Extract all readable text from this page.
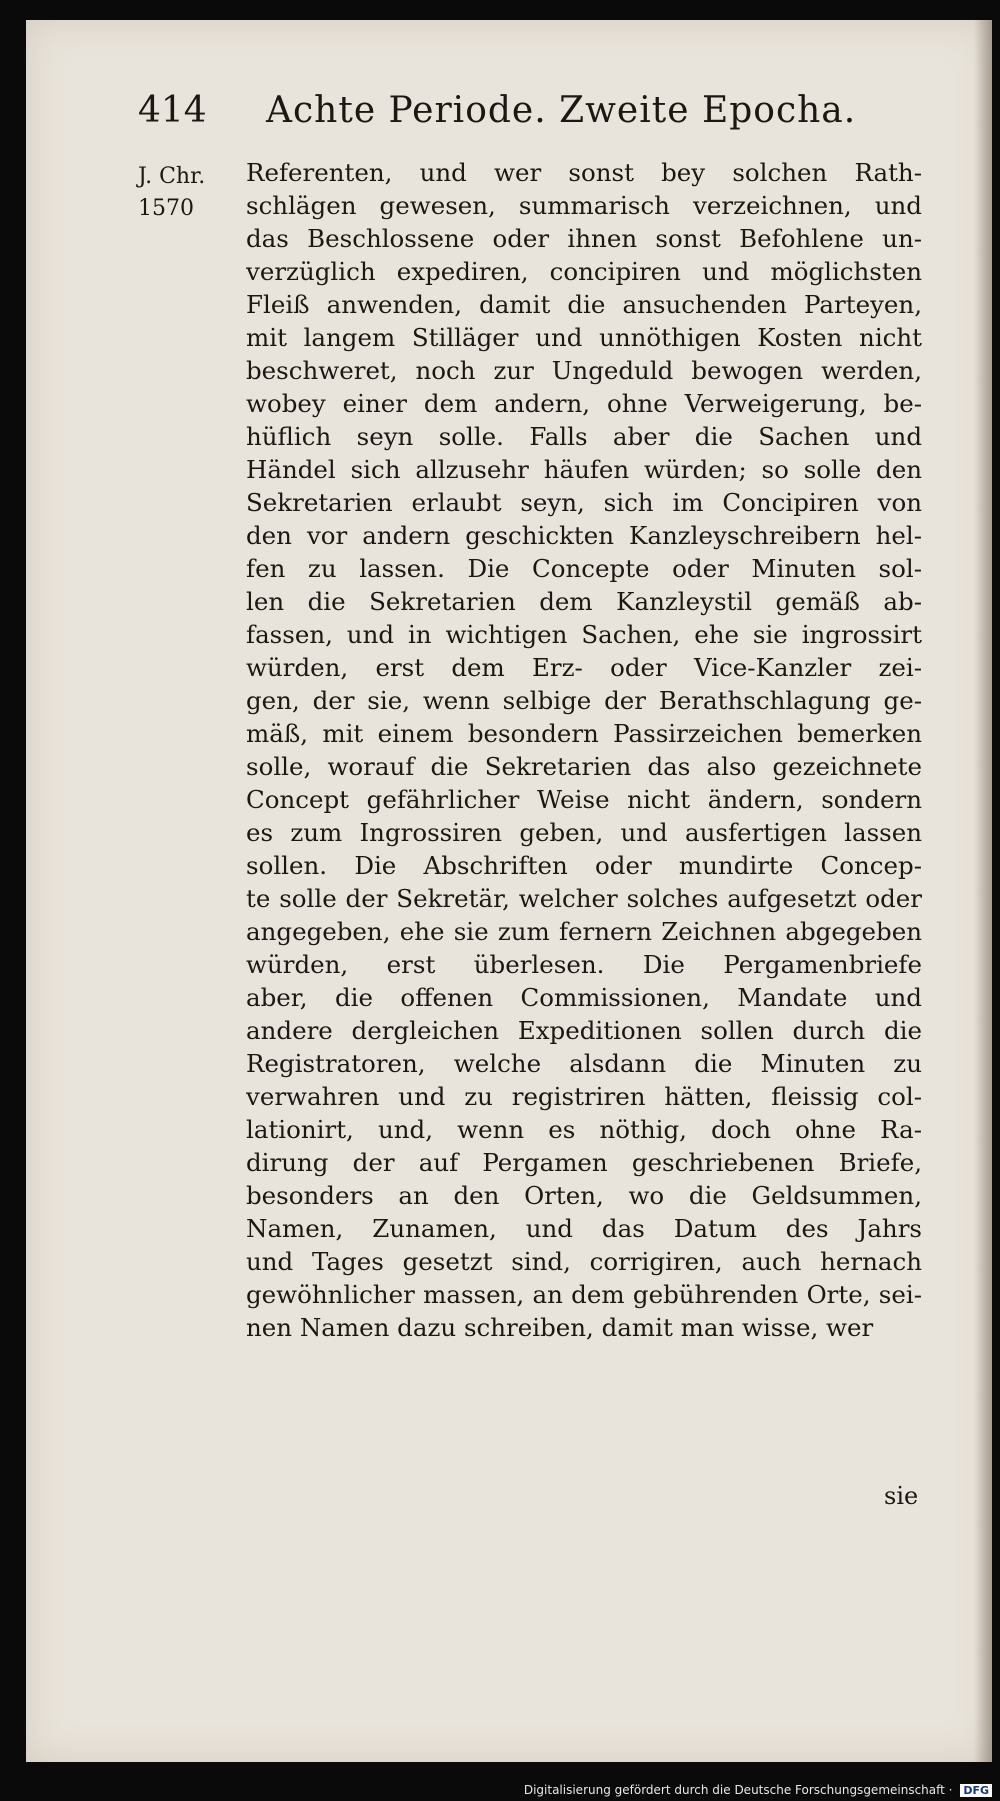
414 Achte Periode. Zweite Epocha.
J. Chr.
1570
Referenten, und wer sonst bey solchen Rath-
schlägen gewesen, summarisch verzeichnen, und
das Beschlossene oder ihnen sonst Befohlene un-
verzüglich expediren, concipiren und möglichsten
Fleiß anwenden, damit die ansuchenden Parteyen,
mit langem Stilläger und unnöthigen Kosten nicht
beschweret, noch zur Ungeduld bewogen werden,
wobey einer dem andern, ohne Verweigerung, be-
hüflich seyn solle. Falls aber die Sachen und
Händel sich allzusehr häufen würden; so solle den
Sekretarien erlaubt seyn, sich im Concipiren von
den vor andern geschickten Kanzleyschreibern hel-
fen zu lassen. Die Concepte oder Minuten sol-
len die Sekretarien dem Kanzleystil gemäß ab-
fassen, und in wichtigen Sachen, ehe sie ingrossirt
würden, erst dem Erz- oder Vice-Kanzler zei-
gen, der sie, wenn selbige der Berathschlagung ge-
mäß, mit einem besondern Passirzeichen bemerken
solle, worauf die Sekretarien das also gezeichnete
Concept gefährlicher Weise nicht ändern, sondern
es zum Ingrossiren geben, und ausfertigen lassen
sollen. Die Abschriften oder mundirte Concep-
te solle der Sekretär, welcher solches aufgesetzt oder
angegeben, ehe sie zum fernern Zeichnen abgegeben
würden, erst überlesen. Die Pergamenbriefe
aber, die offenen Commissionen, Mandate und
andere dergleichen Expeditionen sollen durch die
Registratoren, welche alsdann die Minuten zu
verwahren und zu registriren hätten, fleissig col-
lationirt, und, wenn es nöthig, doch ohne Ra-
dirung der auf Pergamen geschriebenen Briefe,
besonders an den Orten, wo die Geldsummen,
Namen, Zunamen, und das Datum des Jahrs
und Tages gesetzt sind, corrigiren, auch hernach
gewöhnlicher massen, an dem gebührenden Orte, sei-
nen Namen dazu schreiben, damit man wisse, wer
sie
Digitalisierung gefördert durch die Deutsche Forschungsgemeinschaft · DFG
